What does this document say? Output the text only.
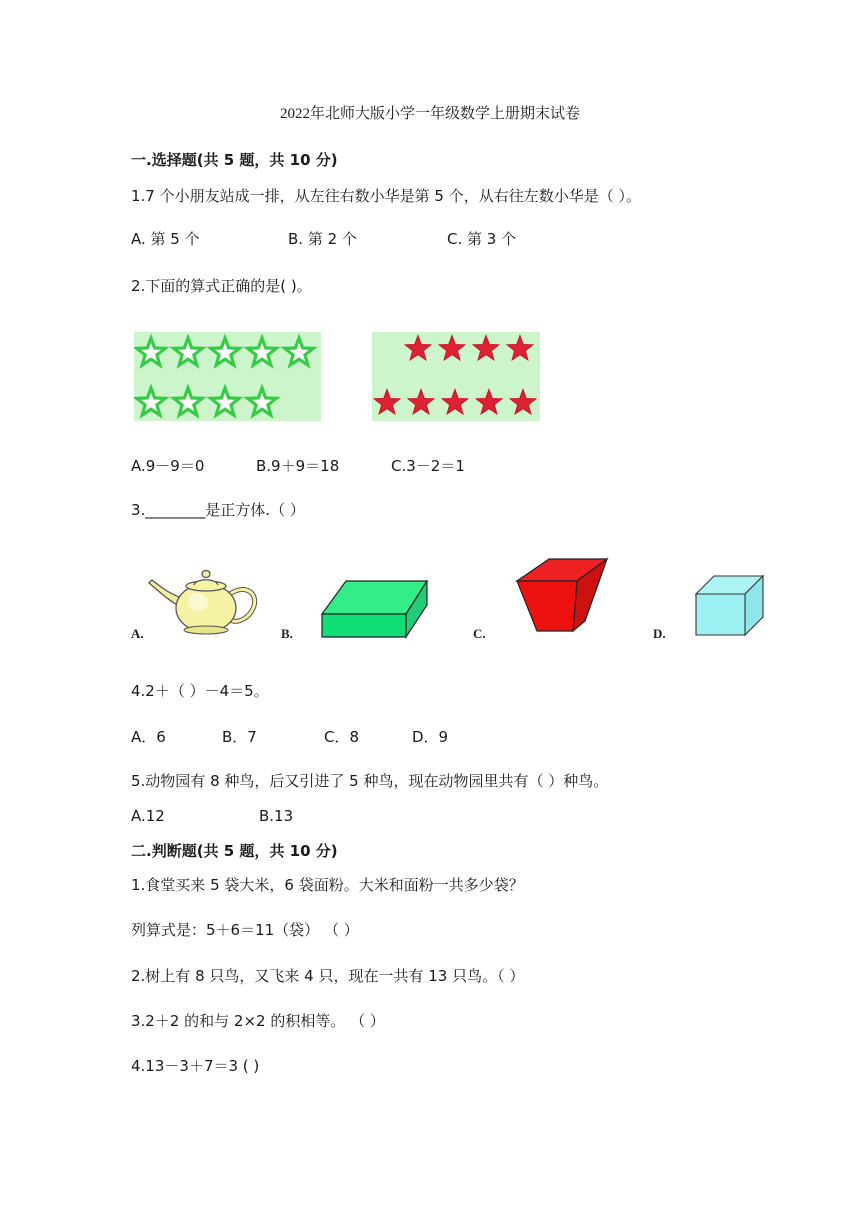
2022年北师大版小学一年级数学上册期末试卷
一.选择题(共 5 题，共 10 分)
1.7 个小朋友站成一排，从左往右数小华是第 5 个，从右往左数小华是（ ）。
A. 第 5 个	B. 第 2 个	C. 第 3 个
2.下面的算式正确的是( )。
A.9－9＝0	B.9＋9＝18	C.3－2＝1
3.________是正方体.（ ）
A.	B.	C.	D.
4.2＋（ ）－4＝5。
A．6	B．7	C．8	D．9
5.动物园有 8 种鸟，后又引进了 5 种鸟，现在动物园里共有（ ）种鸟。
A.12	B.13
二.判断题(共 5 题，共 10 分)
1.食堂买来 5 袋大米，6 袋面粉。大米和面粉一共多少袋？
列算式是：5＋6＝11（袋） （ ）
2.树上有 8 只鸟，又飞来 4 只，现在一共有 13 只鸟。（ ）
3.2＋2 的和与 2×2 的积相等。 （ ）
4.13－3＋7＝3 ( )
